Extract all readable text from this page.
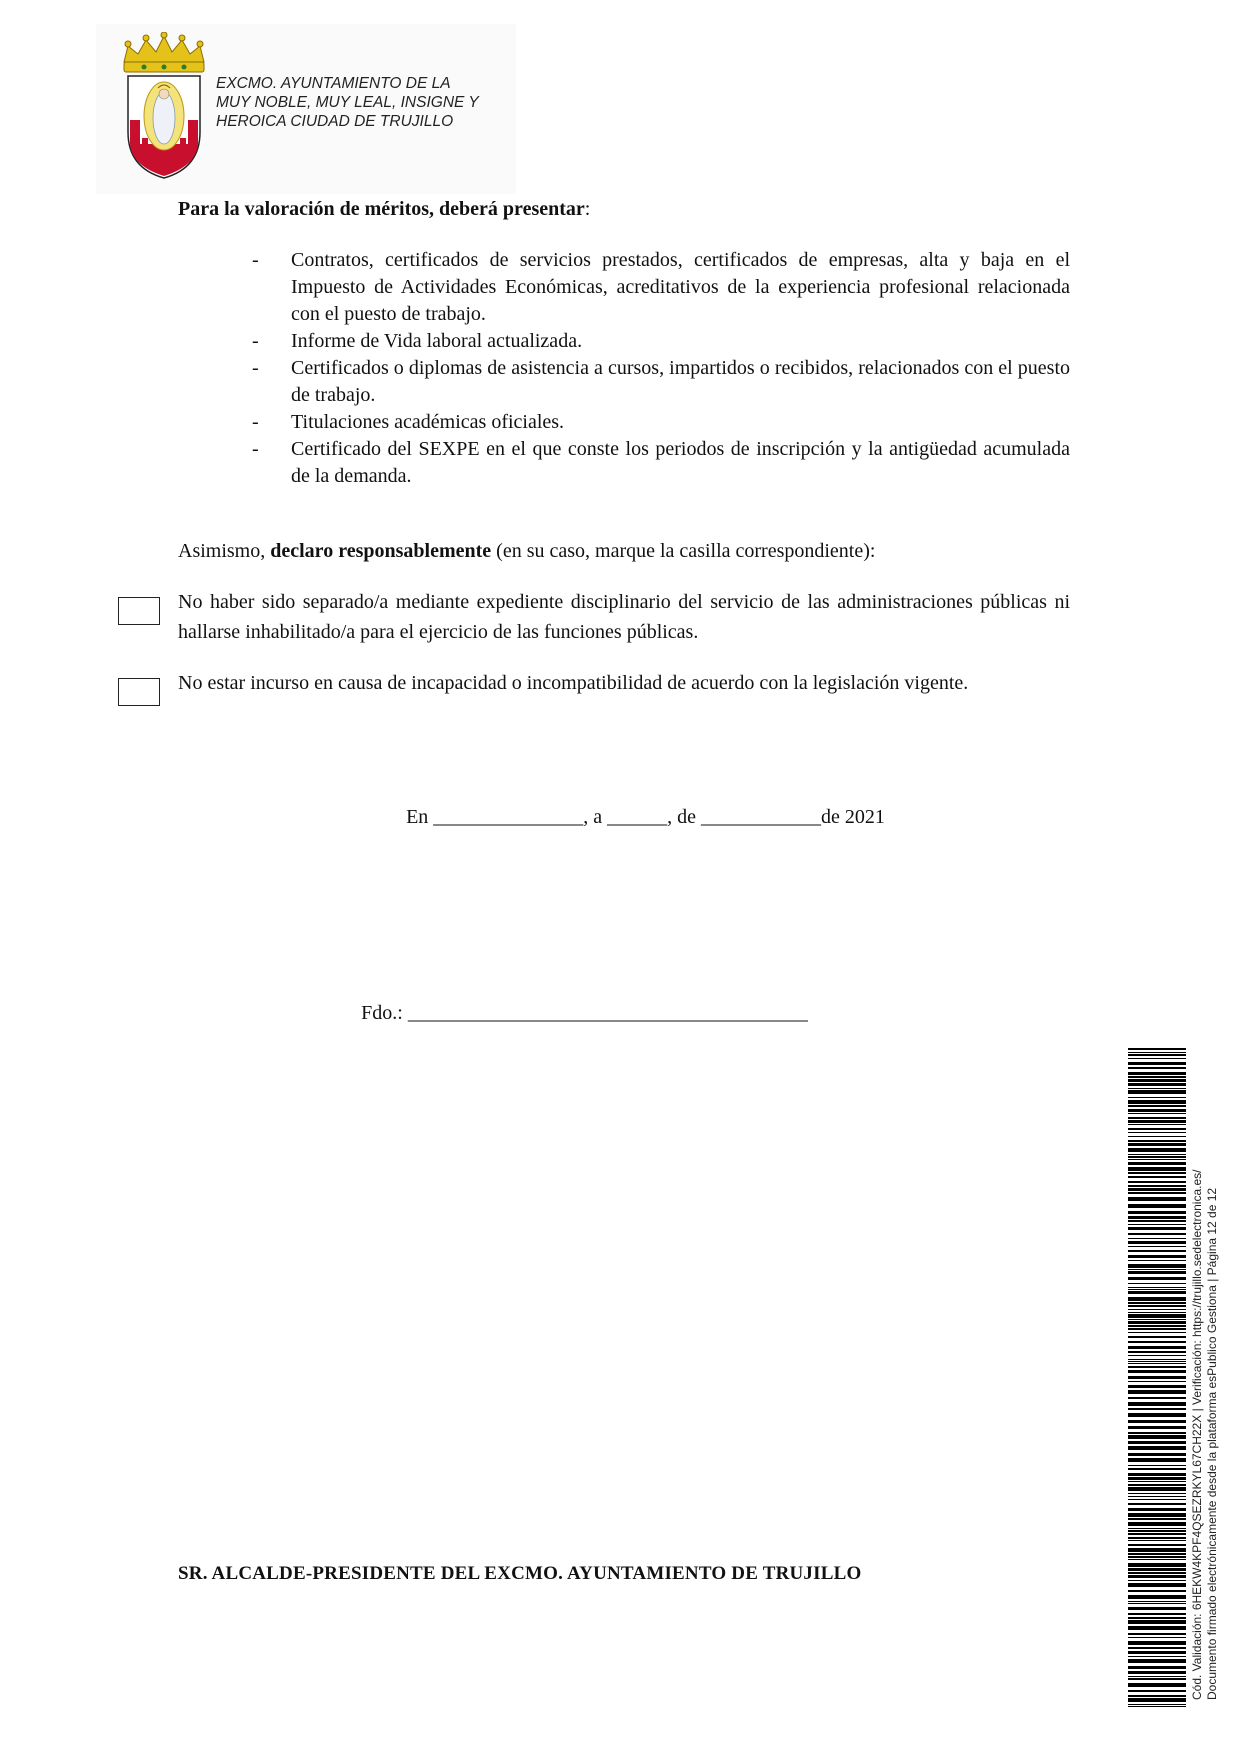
EXCMO. AYUNTAMIENTO DE LA
MUY NOBLE, MUY LEAL, INSIGNE Y
HEROICA CIUDAD DE TRUJILLO
Para la valoración de méritos, deberá presentar:
- Contratos, certificados de servicios prestados, certificados de empresas, alta y baja en el Impuesto de Actividades Económicas, acreditativos de la experiencia profesional relacionada con el puesto de trabajo.
- Informe de Vida laboral actualizada.
- Certificados o diplomas de asistencia a cursos, impartidos o recibidos, relacionados con el puesto de trabajo.
- Titulaciones académicas oficiales.
- Certificado del SEXPE en el que conste los periodos de inscripción y la antigüedad acumulada de la demanda.
Asimismo, declaro responsablemente (en su caso, marque la casilla correspondiente):
No haber sido separado/a mediante expediente disciplinario del servicio de las administraciones públicas ni hallarse inhabilitado/a para el ejercicio de las funciones públicas.
No estar incurso en causa de incapacidad o incompatibilidad de acuerdo con la legislación vigente.
En _______________, a ______, de ____________de 2021
Fdo.: ________________________________________
SR. ALCALDE-PRESIDENTE DEL EXCMO. AYUNTAMIENTO DE TRUJILLO	Cód. Validación: 6HEKW4KPF4QSEZRKYL67CH22X | Verificación: https://trujillo.sedelectronica.es/ Documento firmado electrónicamente desde la plataforma esPublico Gestiona | Página 12 de 12
